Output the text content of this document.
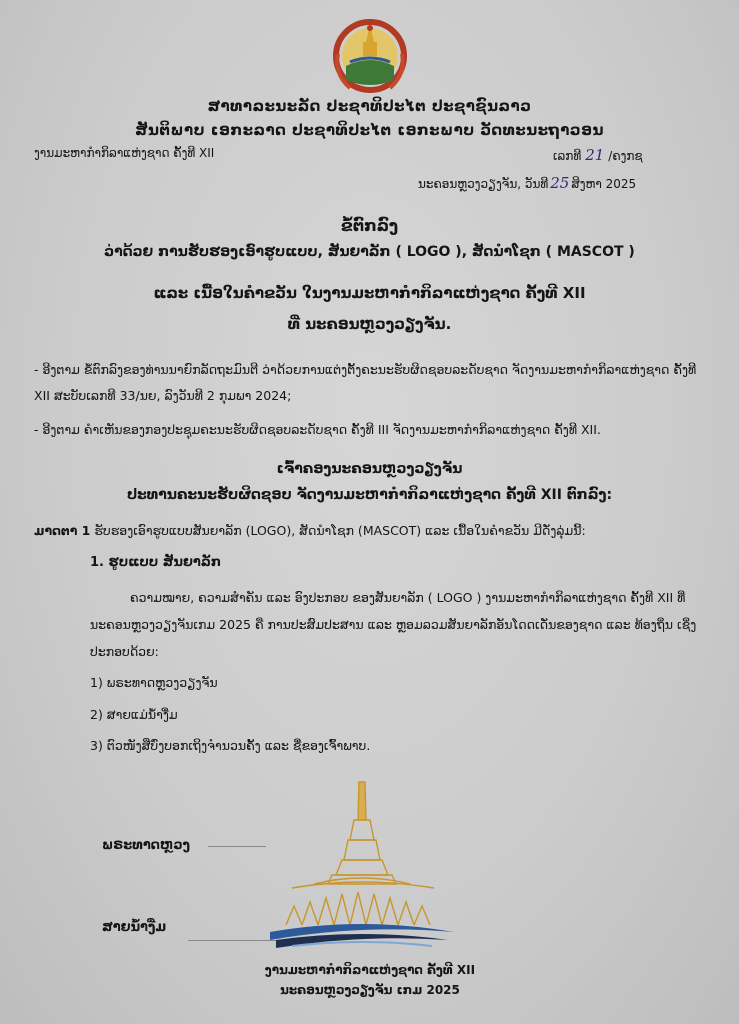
ສາທາລະນະລັດ ປະຊາທິປະໄຕ ປະຊາຊົນລາວ
ສັນຕິພາບ ເອກະລາດ ປະຊາທິປະໄຕ ເອກະພາບ ວັດທະນະຖາວອນ
ງານມະຫາກຳກິລາແຫ່ງຊາດ ຄັ້ງທີ XII	ເລກທີ 21 /ຄງກຊ
ນະຄອນຫຼວງວຽງຈັນ, ວັນທີ 25 ສິງຫາ 2025
ຂໍ້ຕົກລົງ
ວ່າດ້ວຍ ການຮັບຮອງເອົາຮູບແບບ, ສັນຍາລັກ ( LOGO ), ສັດນຳໂຊກ ( MASCOT )
ແລະ ເນື້ອໃນຄຳຂວັນ ໃນງານມະຫາກຳກິລາແຫ່ງຊາດ ຄັ້ງທີ XII
ທີ່ ນະຄອນຫຼວງວຽງຈັນ.
- ອີງຕາມ ຂໍ້ຕົກລົງຂອງທ່ານນາຍົກລັດຖະມົນຕີ ວ່າດ້ວຍການແຕ່ງຕັ້ງຄະນະຮັບຜິດຊອບລະດັບຊາດ ຈັດງານມະຫາກຳກິລາແຫ່ງຊາດ ຄັ້ງທີ XII ສະບັບເລກທີ 33/ນຍ, ລົງວັນທີ 2 ກຸມພາ 2024;
- ອີງຕາມ ຄຳເຫັນຂອງກອງປະຊຸມຄະນະຮັບຜິດຊອບລະດັບຊາດ ຄັ້ງທີ III ຈັດງານມະຫາກຳກິລາແຫ່ງຊາດ ຄັ້ງທີ XII.
ເຈົ້າຄອງນະຄອນຫຼວງວຽງຈັນ
ປະທານຄະນະຮັບຜິດຊອບ ຈັດງານມະຫາກຳກິລາແຫ່ງຊາດ ຄັ້ງທີ XII ຕົກລົງ:
ມາດຕາ 1 ຮັບຮອງເອົາຮູບແບບສັນຍາລັກ (LOGO), ສັດນຳໂຊກ (MASCOT) ແລະ ເນື້ອໃນຄຳຂວັນ ມີດັ່ງລຸ່ມນີ້:
1. ຮູບແບບ ສັນຍາລັກ
ຄວາມໝາຍ, ຄວາມສຳຄັນ ແລະ ອົງປະກອບ ຂອງສັນຍາລັກ ( LOGO ) ງານມະຫາກຳກິລາແຫ່ງຊາດ ຄັ້ງທີ XII ທີ່ນະຄອນຫຼວງວຽງຈັນເກມ 2025 ຄື ການປະສົມປະສານ ແລະ ຫຼອມລວມສັນຍາລັກອັນໂດດເດັ່ນຂອງຊາດ ແລະ ທ້ອງຖິ່ນ ເຊິ່ງປະກອບດ້ວຍ:
1) ພຣະທາດຫຼວງວຽງຈັນ
2) ສາຍແມ່ນ້ຳງື່ມ
3) ຕົວໜັງສືບົ່ງບອກເຖິງຈຳນວນຄັ້ງ ແລະ ຊື່ຂອງເຈົ້າພາບ.
ພຣະທາດຫຼວງ
ສາຍນ້ຳງື່ມ
ງານມະຫາກຳກິລາແຫ່ງຊາດ ຄັ້ງທີ XII
ນະຄອນຫຼວງວຽງຈັນ ເກມ 2025
